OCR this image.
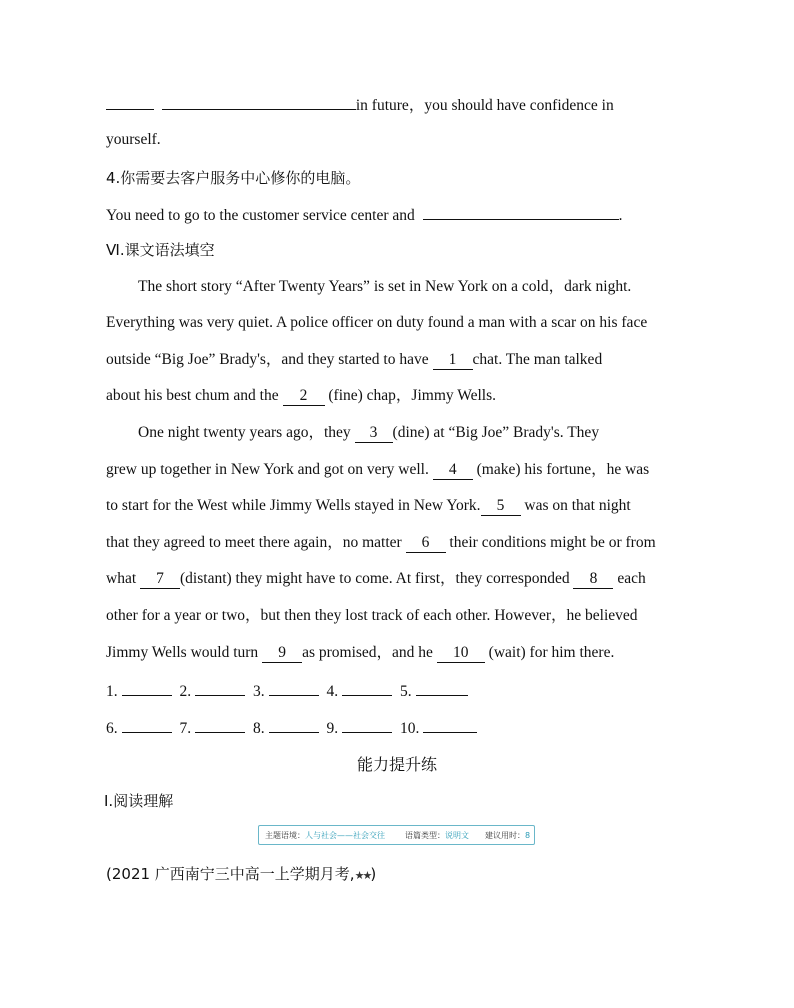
in future，you should have confidence in
yourself.
4.你需要去客户服务中心修你的电脑。
You need to go to the customer service center and	.
Ⅵ.课文语法填空
The short story “After Twenty Years” is set in New York on a cold，dark night.
Everything was very quiet. A police officer on duty found a man with a scar on his face
outside “Big Joe” Brady's，and they started to have 1 chat. The man talked
about his best chum and the 2 (fine) chap，Jimmy Wells.
One night twenty years ago，they 3 (dine) at “Big Joe” Brady's. They
grew up together in New York and got on very well. 4 (make) his fortune，he was
to start for the West while Jimmy Wells stayed in New York. 5 was on that night
that they agreed to meet there again，no matter 6 their conditions might be or from
what 7 (distant) they might have to come. At first，they corresponded 8 each
other for a year or two，but then they lost track of each other. However，he believed
Jimmy Wells would turn 9 as promised，and he 10 (wait) for him there.
1.	2.	3.	4.	5.
6.	7.	8.	9.	10.
能力提升练
Ⅰ.阅读理解
主题语境：人与社会——社会交往	语篇类型：说明文 建议用时：8
(2021 广西南宁三中高一上学期月考,★★)
